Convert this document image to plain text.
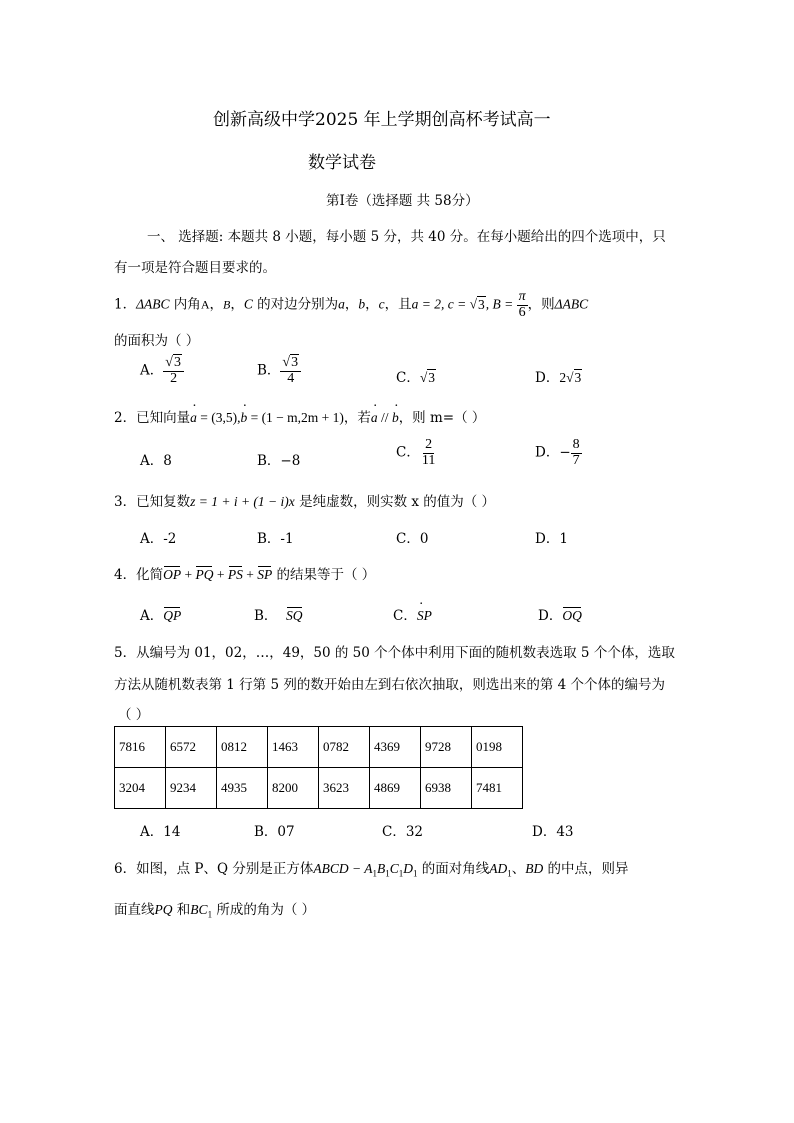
创新高级中学2025 年上学期创高杯考试高一
数学试卷
第Ⅰ卷（选择题 共 58分）
一、 选择题: 本题共 8 小题，每小题 5 分，共 40 分。在每小题给出的四个选项中，只
有一项是符合题目要求的。
1．ΔABC 内角A，B，C 的对边分别为a，b，c，且a = 2, c = √3, $B = \frac{\pi}{6}$ ，则ΔABC
的面积为（ ）
A． $\frac{√3}{2}$	B． $\frac{√3}{4}$	C．√3	D．2√3
2．已知向量· a = (3,5),· b = (1 − m,2m + 1)，若· a // · b，则 m=（ ）
A．8	B．−8
C． $\frac{2}{11}$	D．− $\frac{8}{7}$
3．已知复数z = 1 + i + (1 − i)x 是纯虚数，则实数 x 的值为（ ）
A．-2	B．-1	C．0	D．1
4．化简OP + PQ + PS + SP 的结果等于（ ）
A．QP	B． SQ	C．· SP	D．OQ
5．从编号为 01，02，…，49，50 的 50 个个体中利用下面的随机数表选取 5 个个体，选取
方法从随机数表第 1 行第 5 列的数开始由左到右依次抽取，则选出来的第 4 个个体的编号为
（ ）
7816	6572	0812	1463	0782	4369	9728	0198
3204	9234	4935	8200	3623	4869	6938	7481
A．14	B．07	C．32	D．43
6．如图，点 P、Q 分别是正方体ABCD − $A_1B_1C_1D_1$ 的面对角线$AD_1$、BD 的中点，则异
面直线PQ 和$BC_1$ 所成的角为（ ）
